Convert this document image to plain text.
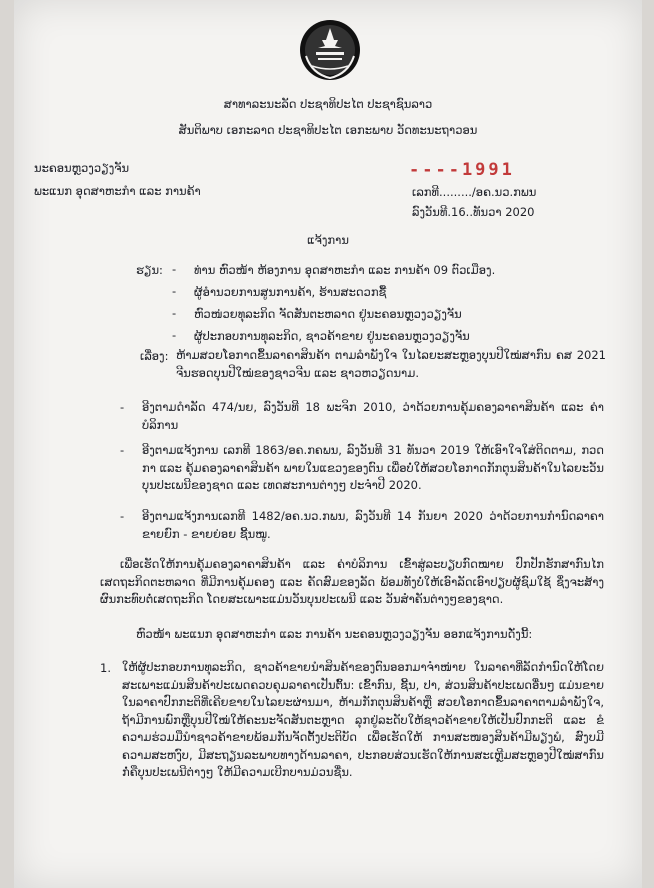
ສາທາລະນະລັດ ປະຊາທິປະໄຕ ປະຊາຊົນລາວ
ສັນຕິພາບ ເອກະລາດ ປະຊາທິປະໄຕ ເອກະພາບ ວັດທະນະຖາວອນ
ນະຄອນຫຼວງວຽງຈັນ
ພະແນກ ອຸດສາຫະກຳ ແລະ ການຄ້າ
----1991
ເລກທີ........./ອຄ.ນວ.ກພນ
ລົງວັນທີ.16..ທັນວາ 2020
ແຈ້ງການ
ຮຽນ: - ທ່ານ ຫົວໜ້າ ຫ້ອງການ ອຸດສາຫະກຳ ແລະ ການຄ້າ 09 ຕົວເມືອງ.
- ຜູ້ອຳນວຍການສູນການຄ້າ, ຮ້ານສະດວກຊື້
- ຫົວໜ່ວຍທຸລະກິດ ຈັດສັນຕະຫລາດ ຢູ່ນະຄອນຫຼວງວຽງຈັນ
- ຜູ້ປະກອບການທຸລະກິດ, ຊາວຄ້າຂາຍ ຢູ່ນະຄອນຫຼວງວຽງຈັນ
ເລື່ອງ: ຫ້າມສວຍໂອກາດຂຶ້ນລາຄາສິນຄ້າ ຕາມລຳພັງໃຈ ໃນໄລຍະສະຫຼອງບຸນປີໃໝ່ສາກົນ ຄສ 2021 ຈີນຮອດບຸນປີໃໝ່ຂອງຊາວຈີນ ແລະ ຊາວຫວຽດນາມ.
- ອີງຕາມດຳລັດ 474/ນຍ, ລົງວັນທີ 18 ພະຈິກ 2010, ວ່າດ້ວຍການຄຸ້ມຄອງລາຄາສິນຄ້າ ແລະ ຄ່າບໍລິການ
- ອີງຕາມແຈ້ງການ ເລກທີ 1863/ອຄ.ກຄພນ, ລົງວັນທີ 31 ທັນວາ 2019 ໃຫ້ເອົາໃຈໃສ່ຕິດຕາມ, ກວດກາ ແລະ ຄຸ້ມຄອງລາຄາສິນຄ້າ ພາຍໃນແຂວງຂອງຕົນ ເພື່ອບໍ່ໃຫ້ສວຍໂອກາດກັກຕຸນສິນຄ້າໃນໄລຍະວັນບຸນປະເພນີຂອງຊາດ ແລະ ເທດສະການຕ່າງໆ ປະຈຳປີ 2020.
- ອີງຕາມແຈ້ງການເລກທີ 1482/ອຄ.ນວ.ກພນ, ລົງວັນທີ 14 ກັນຍາ 2020 ວ່າດ້ວຍການກຳນົດລາຄາຂາຍຍົກ - ຂາຍຍ່ອຍ ຊີ້ນໝູ.
ເພື່ອເຮັດໃຫ້ການຄຸ້ມຄອງລາຄາສິນຄ້າ ແລະ ຄ່າບໍລິການ ເຂົ້າສູ່ລະບຽບກົດໝາຍ ປົກປັກຮັກສາກົນໄກເສດຖະກິດຕະຫລາດ ທີ່ມີການຄຸ້ມຄອງ ແລະ ຄັດສົມຂອງລັດ ພ້ອມທັງບໍ່ໃຫ້ເອົາລັດເອົາປຽບຜູ້ຊົມໃຊ້ ຊຶ່ງຈະສ້າງຜົນກະທົບຕໍ່ເສດຖະກິດ ໂດຍສະເພາະແມ່ນວັນບຸນປະເພນີ ແລະ ວັນສຳຄັນຕ່າງໆຂອງຊາດ.
ຫົວໜ້າ ພະແນກ ອຸດສາຫະກຳ ແລະ ການຄ້າ ນະຄອນຫຼວງວຽງຈັນ ອອກແຈ້ງການດັ່ງນີ້:
1. ໃຫ້ຜູ້ປະກອບການທຸລະກິດ, ຊາວຄ້າຂາຍນຳສິນຄ້າຂອງຕົນອອກມາຈຳໜ່າຍ ໃນລາຄາທີ່ລັດກຳນົດໃຫ້ໂດຍສະເພາະແມ່ນສິນຄ້າປະເພດຄວບຄຸມລາຄາເປັນຕົ້ນ: ເຂົ້າກົນ, ຊີ້ນ, ປາ, ສ່ວນສິນຄ້າປະເພດອື່ນໆ ແມ່ນຂາຍໃນລາຄາປົກກະຕິທີ່ເຄີຍຂາຍໃນໄລຍະຜ່ານມາ, ຫ້າມກັກຕຸນສິນຄ້າຫຼື ສວຍໂອກາດຂຶ້ນລາຄາຕາມລຳພັງໃຈ, ຖ້າມີການພົກຫຼືບຸນປີໃໝ່ໃຫ້ຄະນະຈັດສັນຕະຫຼາດ ລຸກຢູ່ລະດັບໃຫ້ຊາວຄ້າຂາຍໃຫ້ເປັນປົກກະຕິ ແລະ ຂໍຄວາມຮ່ວມມືນຳຊາວຄ້າຂາຍພ້ອມກັນຈັດຕັ້ງປະຕິບັດ ເພື່ອເຮັດໃຫ້ ການສະໜອງສິນຄ້າມີພຽງພໍ, ສົງບມີຄວາມສະຫງົບ, ມີສະຖຽນລະພາບທາງດ້ານລາຄາ, ປະກອບສ່ວນເຮັດໃຫ້ການສະເຫຼີມສະຫຼອງປີໃໝ່ສາກົນ ກໍ່ຄືບຸນປະເພນີຕ່າງໆ ໃຫ້ມີຄວາມເບີກບານມ່ວນຊື່ນ.
